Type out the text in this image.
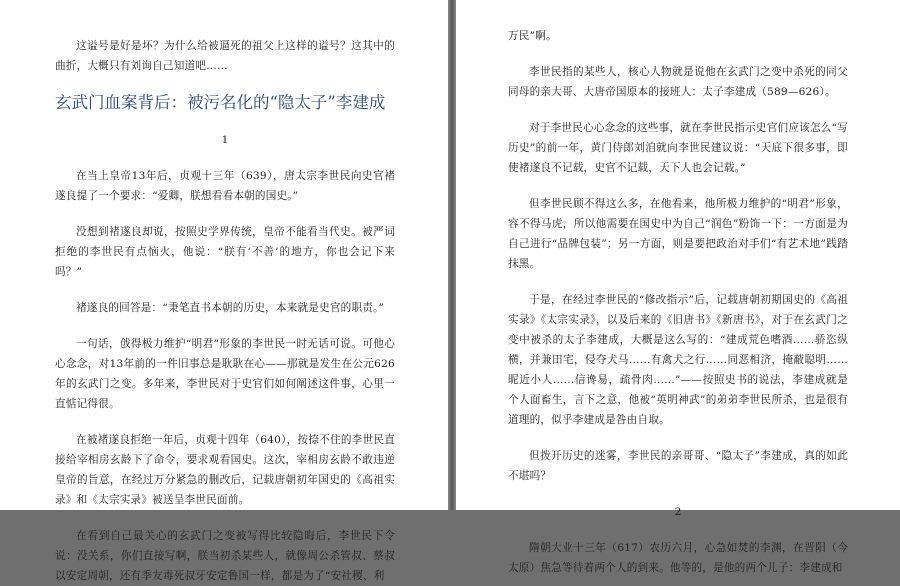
这谥号是好是坏？为什么给被逼死的祖父上这样的谥号？这其中的曲折，大概只有刘询自己知道吧……

玄武门血案背后：被污名化的“隐太子”李建成
1

在当上皇帝13年后，贞观十三年（639），唐太宗李世民向史官褚遂良提了一个要求：“爱卿，朕想看看本朝的国史。”

没想到褚遂良却说，按照史学界传统，皇帝不能看当代史。被严词拒绝的李世民有点恼火，他说：“朕有‘不善’的地方，你也会记下来吗？”

褚遂良的回答是：“秉笔直书本朝的历史，本来就是史官的职责。”

一句话，戗得极力维护“明君”形象的李世民一时无话可说。可他心心念念，对13年前的一件旧事总是耿耿在心——那就是发生在公元626年的玄武门之变。多年来，李世民对于史官们如何阐述这件事，心里一直惦记得很。

在被褚遂良拒绝一年后，贞观十四年（640），按捺不住的李世民直接给宰相房玄龄下了命令，要求观看国史。这次，宰相房玄龄不敢违逆皇帝的旨意，在经过万分紧急的删改后，记载唐朝初年国史的《高祖实录》和《太宗实录》被送呈李世民面前。

在看到自己最关心的玄武门之变被写得比较隐晦后，李世民下令说：没关系，你们直接写啊，朕当初杀某些人，就像周公杀管叔、蔡叔以安定周朝，还有季友毒死叔牙安定鲁国一样，都是为了“安社稷、利

万民”啊。

李世民指的某些人，核心人物就是说他在玄武门之变中杀死的同父同母的亲大哥、大唐帝国原本的接班人：太子李建成（589—626）。

对于李世民心心念念的这些事，就在李世民指示史官们应该怎么“写历史”的前一年，黄门侍郎刘洎就向李世民建议说：“天底下很多事，即使褚遂良不记载，史官不记载，天下人也会记载。”

但李世民顾不得这么多，在他看来，他所极力维护的“明君”形象，容不得马虎，所以他需要在国史中为自己“润色”粉饰一下：一方面是为自己进行“品牌包装”；另一方面，则是要把政治对手们“有艺术地”践踏抹黑。

于是，在经过李世民的“修改指示”后，记载唐朝初期国史的《高祖实录》《太宗实录》，以及后来的《旧唐书》《新唐书》，对于在玄武门之变中被杀的太子李建成，大概是这么写的：“建成荒色嗜酒……骄恣纵横，并兼田宅，侵夺犬马……有禽犬之行……同恶相济，掩蔽聪明……昵近小人……信谗易，疏骨肉……”——按照史书的说法，李建成就是个人面畜生，言下之意，他被“英明神武”的弟弟李世民所杀，也是很有道理的，似乎李建成是咎由自取。

但拨开历史的迷雾，李世民的亲哥哥、“隐太子”李建成，真的如此不堪吗？

2

隋朝大业十三年（617）农历六月，心急如焚的李渊，在晋阳（今太原）焦急等待着两个人的到来。他等的，是他的两个儿子：李建成和
